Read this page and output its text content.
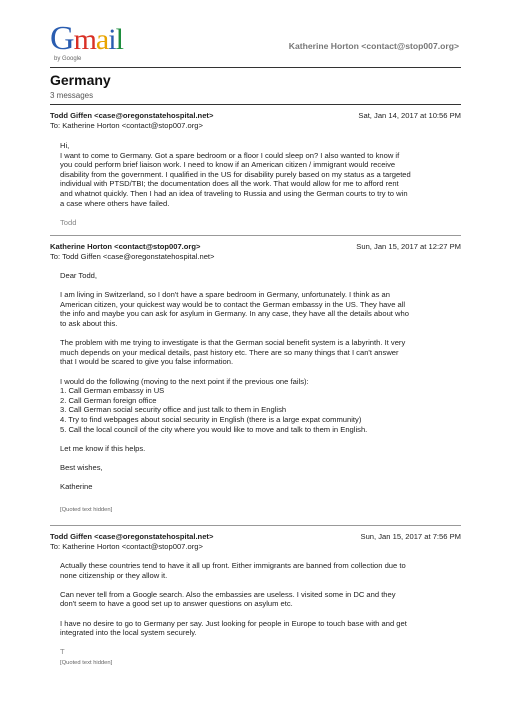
Gmail
by Google
Katherine Horton <contact@stop007.org>
Germany
3 messages
Todd Giffen <case@oregonstatehospital.net>	Sat, Jan 14, 2017 at 10:56 PM
To: Katherine Horton <contact@stop007.org>

Hi,
I want to come to Germany. Got a spare bedroom or a floor I could sleep on? I also wanted to know if
you could perform brief liaison work. I need to know if an American citizen / immigrant would receive
disability from the government. I qualified in the US for disability purely based on my status as a targeted
individual with PTSD/TBI; the documentation does all the work. That would allow for me to afford rent
and whatnot quickly. Then I had an idea of traveling to Russia and using the German courts to try to win
a case where others have failed.

Todd

Katherine Horton <contact@stop007.org>	Sun, Jan 15, 2017 at 12:27 PM
To: Todd Giffen <case@oregonstatehospital.net>

Dear Todd,

I am living in Switzerland, so I don't have a spare bedroom in Germany, unfortunately. I think as an
American citizen, your quickest way would be to contact the German embassy in the US. They have all
the info and maybe you can ask for asylum in Germany. In any case, they have all the details about who
to ask about this.

The problem with me trying to investigate is that the German social benefit system is a labyrinth. It very
much depends on your medical details, past history etc. There are so many things that I can't answer
that I would be scared to give you false information.

I would do the following (moving to the next point if the previous one fails):
1. Call German embassy in US
2. Call German foreign office
3. Call German social security office and just talk to them in English
4. Try to find webpages about social security in English (there is a large expat community)
5. Call the local council of the city where you would like to move and talk to them in English.

Let me know if this helps.

Best wishes,

Katherine

[Quoted text hidden]
Todd Giffen <case@oregonstatehospital.net>	Sun, Jan 15, 2017 at 7:56 PM
To: Katherine Horton <contact@stop007.org>

Actually these countries tend to have it all up front. Either immigrants are banned from collection due to
none citizenship or they allow it.

Can never tell from a Google search. Also the embassies are useless. I visited some in DC and they
don't seem to have a good set up to answer questions on asylum etc.

I have no desire to go to Germany per say. Just looking for people in Europe to touch base with and get
integrated into the local system securely.

T

[Quoted text hidden]
